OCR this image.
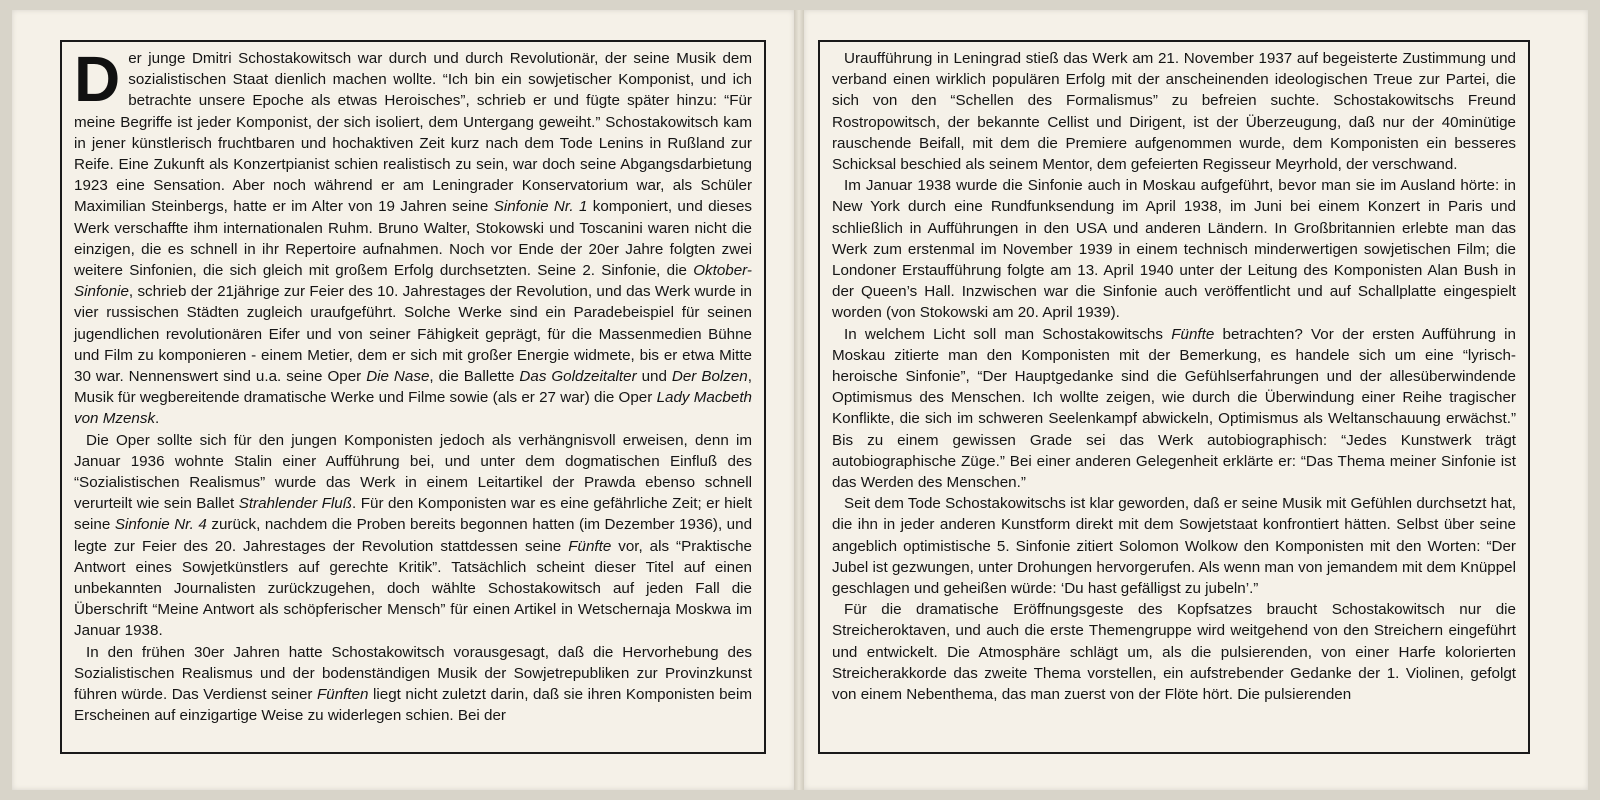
Der junge Dmitri Schostakowitsch war durch und durch Revolutionär, der seine Musik dem sozialistischen Staat dienlich machen wollte. “Ich bin ein sowjetischer Komponist, und ich betrachte unsere Epoche als etwas Heroisches”, schrieb er und fügte später hinzu: “Für meine Begriffe ist jeder Komponist, der sich isoliert, dem Untergang geweiht.” Schostakowitsch kam in jener künstlerisch fruchtbaren und hochaktiven Zeit kurz nach dem Tode Lenins in Rußland zur Reife. Eine Zukunft als Konzertpianist schien realistisch zu sein, war doch seine Abgangsdarbietung 1923 eine Sensation. Aber noch während er am Leningrader Konservatorium war, als Schüler Maximilian Steinbergs, hatte er im Alter von 19 Jahren seine Sinfonie Nr. 1 komponiert, und dieses Werk verschaffte ihm internationalen Ruhm. Bruno Walter, Stokowski und Toscanini waren nicht die einzigen, die es schnell in ihr Repertoire aufnahmen. Noch vor Ende der 20er Jahre folgten zwei weitere Sinfonien, die sich gleich mit großem Erfolg durchsetzten. Seine 2. Sinfonie, die Oktober-Sinfonie, schrieb der 21jährige zur Feier des 10. Jahrestages der Revolution, und das Werk wurde in vier russischen Städten zugleich uraufgeführt. Solche Werke sind ein Paradebeispiel für seinen jugendlichen revolutionären Eifer und von seiner Fähigkeit geprägt, für die Massenmedien Bühne und Film zu komponieren - einem Metier, dem er sich mit großer Energie widmete, bis er etwa Mitte 30 war. Nennenswert sind u.a. seine Oper Die Nase, die Ballette Das Goldzeitalter und Der Bolzen, Musik für wegbereitende dramatische Werke und Filme sowie (als er 27 war) die Oper Lady Macbeth von Mzensk.

Die Oper sollte sich für den jungen Komponisten jedoch als verhängnisvoll erweisen, denn im Januar 1936 wohnte Stalin einer Aufführung bei, und unter dem dogmatischen Einfluß des “Sozialistischen Realismus” wurde das Werk in einem Leitartikel der Prawda ebenso schnell verurteilt wie sein Ballet Strahlender Fluß. Für den Komponisten war es eine gefährliche Zeit; er hielt seine Sinfonie Nr. 4 zurück, nachdem die Proben bereits begonnen hatten (im Dezember 1936), und legte zur Feier des 20. Jahrestages der Revolution stattdessen seine Fünfte vor, als “Praktische Antwort eines Sowjetkünstlers auf gerechte Kritik”. Tatsächlich scheint dieser Titel auf einen unbekannten Journalisten zurückzugehen, doch wählte Schostakowitsch auf jeden Fall die Überschrift “Meine Antwort als schöpferischer Mensch” für einen Artikel in Wetschernaja Moskwa im Januar 1938.

In den frühen 30er Jahren hatte Schostakowitsch vorausgesagt, daß die Hervorhebung des Sozialistischen Realismus und der bodenständigen Musik der Sowjetrepubliken zur Provinzkunst führen würde. Das Verdienst seiner Fünften liegt nicht zuletzt darin, daß sie ihren Komponisten beim Erscheinen auf einzigartige Weise zu widerlegen schien. Bei der

Uraufführung in Leningrad stieß das Werk am 21. November 1937 auf begeisterte Zustimmung und verband einen wirklich populären Erfolg mit der anscheinenden ideologischen Treue zur Partei, die sich von den “Schellen des Formalismus” zu befreien suchte. Schostakowitschs Freund Rostropowitsch, der bekannte Cellist und Dirigent, ist der Überzeugung, daß nur der 40minütige rauschende Beifall, mit dem die Premiere aufgenommen wurde, dem Komponisten ein besseres Schicksal beschied als seinem Mentor, dem gefeierten Regisseur Meyrhold, der verschwand.

Im Januar 1938 wurde die Sinfonie auch in Moskau aufgeführt, bevor man sie im Ausland hörte: in New York durch eine Rundfunksendung im April 1938, im Juni bei einem Konzert in Paris und schließlich in Aufführungen in den USA und anderen Ländern. In Großbritannien erlebte man das Werk zum erstenmal im November 1939 in einem technisch minderwertigen sowjetischen Film; die Londoner Erstaufführung folgte am 13. April 1940 unter der Leitung des Komponisten Alan Bush in der Queen’s Hall. Inzwischen war die Sinfonie auch veröffentlicht und auf Schallplatte eingespielt worden (von Stokowski am 20. April 1939).

In welchem Licht soll man Schostakowitschs Fünfte betrachten? Vor der ersten Aufführung in Moskau zitierte man den Komponisten mit der Bemerkung, es handele sich um eine “lyrisch-heroische Sinfonie”, “Der Hauptgedanke sind die Gefühlserfahrungen und der allesüberwindende Optimismus des Menschen. Ich wollte zeigen, wie durch die Überwindung einer Reihe tragischer Konflikte, die sich im schweren Seelenkampf abwickeln, Optimismus als Weltanschauung erwächst.” Bis zu einem gewissen Grade sei das Werk autobiographisch: “Jedes Kunstwerk trägt autobiographische Züge.” Bei einer anderen Gelegenheit erklärte er: “Das Thema meiner Sinfonie ist das Werden des Menschen.”

Seit dem Tode Schostakowitschs ist klar geworden, daß er seine Musik mit Gefühlen durchsetzt hat, die ihn in jeder anderen Kunstform direkt mit dem Sowjetstaat konfrontiert hätten. Selbst über seine angeblich optimistische 5. Sinfonie zitiert Solomon Wolkow den Komponisten mit den Worten: “Der Jubel ist gezwungen, unter Drohungen hervorgerufen. Als wenn man von jemandem mit dem Knüppel geschlagen und geheißen würde: ‘Du hast gefälligst zu jubeln’.”

Für die dramatische Eröffnungsgeste des Kopfsatzes braucht Schostakowitsch nur die Streicheroktaven, und auch die erste Themengruppe wird weitgehend von den Streichern eingeführt und entwickelt. Die Atmosphäre schlägt um, als die pulsierenden, von einer Harfe kolorierten Streicherakkorde das zweite Thema vorstellen, ein aufstrebender Gedanke der 1. Violinen, gefolgt von einem Nebenthema, das man zuerst von der Flöte hört. Die pulsierenden
